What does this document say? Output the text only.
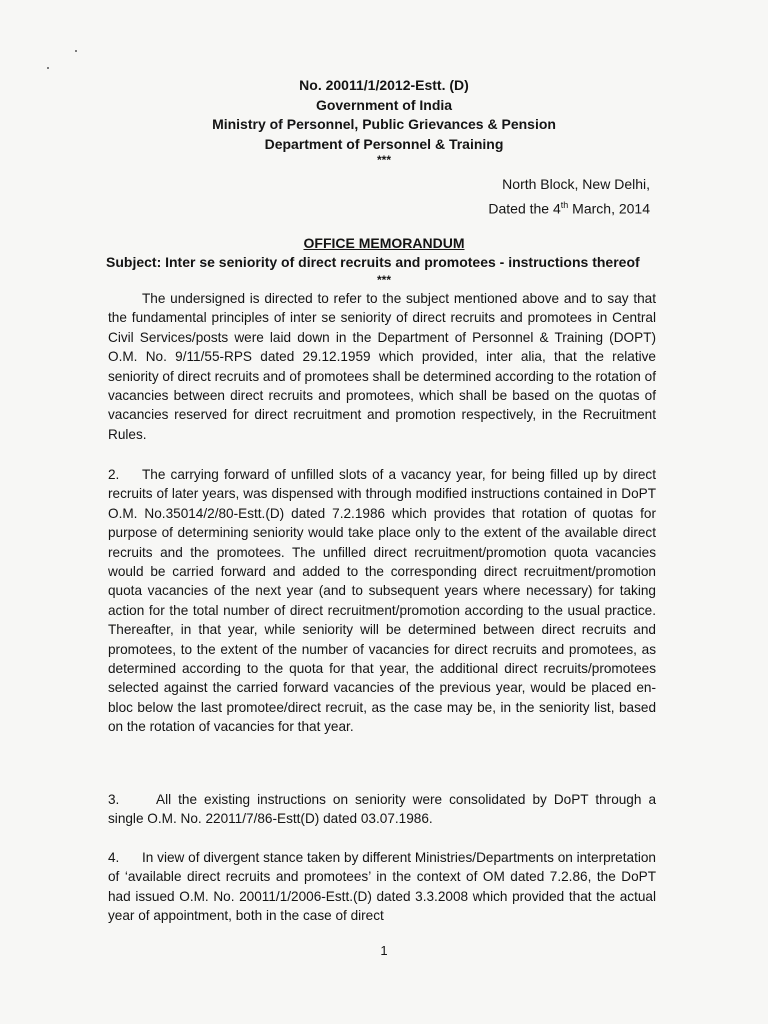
No. 20011/1/2012-Estt. (D)
Government of India
Ministry of Personnel, Public Grievances & Pension
Department of Personnel & Training
***
North Block, New Delhi,
Dated the 4th March, 2014
OFFICE MEMORANDUM
Subject: Inter se seniority of direct recruits and promotees - instructions thereof
***
The undersigned is directed to refer to the subject mentioned above and to say that the fundamental principles of inter se seniority of direct recruits and promotees in Central Civil Services/posts were laid down in the Department of Personnel & Training (DOPT) O.M. No. 9/11/55-RPS dated 29.12.1959 which provided, inter alia, that the relative seniority of direct recruits and of promotees shall be determined according to the rotation of vacancies between direct recruits and promotees, which shall be based on the quotas of vacancies reserved for direct recruitment and promotion respectively, in the Recruitment Rules.
2. The carrying forward of unfilled slots of a vacancy year, for being filled up by direct recruits of later years, was dispensed with through modified instructions contained in DoPT O.M. No.35014/2/80-Estt.(D) dated 7.2.1986 which provides that rotation of quotas for purpose of determining seniority would take place only to the extent of the available direct recruits and the promotees. The unfilled direct recruitment/promotion quota vacancies would be carried forward and added to the corresponding direct recruitment/promotion quota vacancies of the next year (and to subsequent years where necessary) for taking action for the total number of direct recruitment/promotion according to the usual practice. Thereafter, in that year, while seniority will be determined between direct recruits and promotees, to the extent of the number of vacancies for direct recruits and promotees, as determined according to the quota for that year, the additional direct recruits/promotees selected against the carried forward vacancies of the previous year, would be placed en-bloc below the last promotee/direct recruit, as the case may be, in the seniority list, based on the rotation of vacancies for that year.
3.	All the existing instructions on seniority were consolidated by DoPT through a single O.M. No. 22011/7/86-Estt(D) dated 03.07.1986.
4. In view of divergent stance taken by different Ministries/Departments on interpretation of ‘available direct recruits and promotees’ in the context of OM dated 7.2.86, the DoPT had issued O.M. No. 20011/1/2006-Estt.(D) dated 3.3.2008 which provided that the actual year of appointment, both in the case of direct
1
